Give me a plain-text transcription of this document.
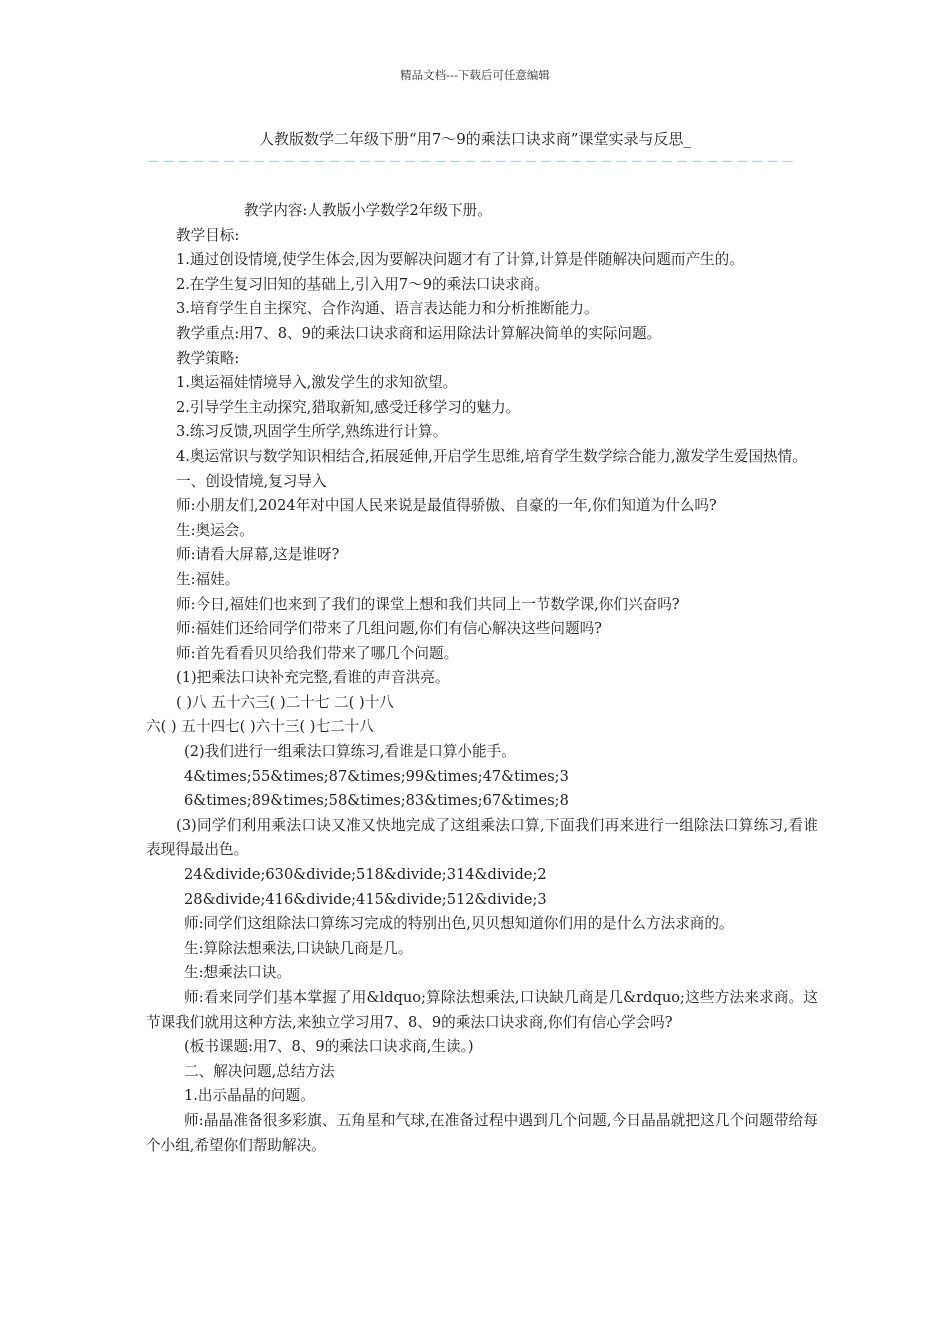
精品文档---下载后可任意编辑
人教版数学二年级下册“用7～9的乘法口诀求商”课堂实录与反思_
－－－－－－－－－－－－－－－－－－－－－－－－－－－－－－－－－－－－－－－－－－－

教学内容:人教版小学数学2年级下册。

教学目标:

1.通过创设情境,使学生体会,因为要解决问题才有了计算,计算是伴随解决问题而产生的。

2.在学生复习旧知的基础上,引入用7～9的乘法口诀求商。

3.培育学生自主探究、合作沟通、语言表达能力和分析推断能力。

教学重点:用7、8、9的乘法口诀求商和运用除法计算解决简单的实际问题。

教学策略:

1.奥运福娃情境导入,激发学生的求知欲望。

2.引导学生主动探究,猎取新知,感受迁移学习的魅力。

3.练习反馈,巩固学生所学,熟练进行计算。

4.奥运常识与数学知识相结合,拓展延伸,开启学生思维,培育学生数学综合能力,激发学生爱国热情。

一、创设情境,复习导入

师:小朋友们,2024年对中国人民来说是最值得骄傲、自豪的一年,你们知道为什么吗?

生:奥运会。

师:请看大屏幕,这是谁呀?

生:福娃。

师:今日,福娃们也来到了我们的课堂上想和我们共同上一节数学课,你们兴奋吗?

师:福娃们还给同学们带来了几组问题,你们有信心解决这些问题吗?

师:首先看看贝贝给我们带来了哪几个问题。

(1)把乘法口诀补充完整,看谁的声音洪亮。

( )八 五十六三( )二十七 二( )十八

六( ) 五十四七( )六十三( )七二十八

(2)我们进行一组乘法口算练习,看谁是口算小能手。

4&times;55&times;87&times;99&times;47&times;3

6&times;89&times;58&times;83&times;67&times;8

(3)同学们利用乘法口诀又准又快地完成了这组乘法口算,下面我们再来进行一组除法口算练习,看谁表现得最出色。

24&divide;630&divide;518&divide;314&divide;2

28&divide;416&divide;415&divide;512&divide;3

师:同学们这组除法口算练习完成的特别出色,贝贝想知道你们用的是什么方法求商的。

生:算除法想乘法,口诀缺几商是几。

生:想乘法口诀。

师:看来同学们基本掌握了用&ldquo;算除法想乘法,口诀缺几商是几&rdquo;这些方法来求商。这节课我们就用这种方法,来独立学习用7、8、9的乘法口诀求商,你们有信心学会吗?

(板书课题:用7、8、9的乘法口诀求商,生读。)

二、解决问题,总结方法

1.出示晶晶的问题。

师:晶晶准备很多彩旗、五角星和气球,在准备过程中遇到几个问题,今日晶晶就把这几个问题带给每个小组,希望你们帮助解决。
